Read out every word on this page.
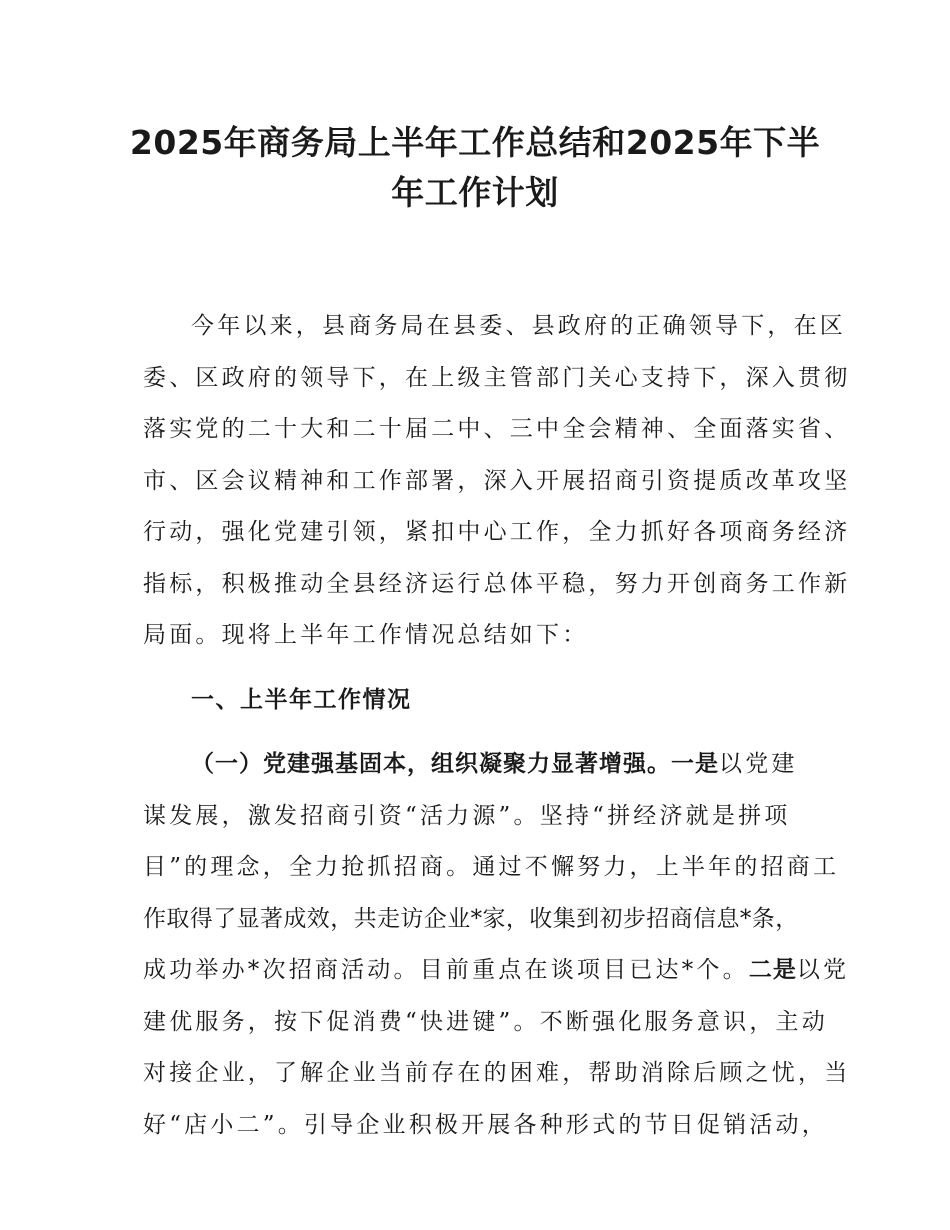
2025年商务局上半年工作总结和2025年下半
年工作计划
今年以来，县商务局在县委、县政府的正确领导下，在区
委、区政府的领导下，在上级主管部门关心支持下，深入贯彻
落实党的二十大和二十届二中、三中全会精神、全面落实省、
市、区会议精神和工作部署，深入开展招商引资提质改革攻坚
行动，强化党建引领，紧扣中心工作，全力抓好各项商务经济
指标，积极推动全县经济运行总体平稳，努力开创商务工作新
局面。现将上半年工作情况总结如下：
一、上半年工作情况
（一）党建强基固本，组织凝聚力显著增强。一是以党建
谋发展，激发招商引资“活力源”。坚持“拼经济就是拼项
目”的理念，全力抢抓招商。通过不懈努力，上半年的招商工
作取得了显著成效，共走访企业*家，收集到初步招商信息*条，
成功举办*次招商活动。目前重点在谈项目已达*个。二是以党
建优服务，按下促消费“快进键”。不断强化服务意识，主动
对接企业，了解企业当前存在的困难，帮助消除后顾之忧，当
好“店小二”。引导企业积极开展各种形式的节日促销活动，
